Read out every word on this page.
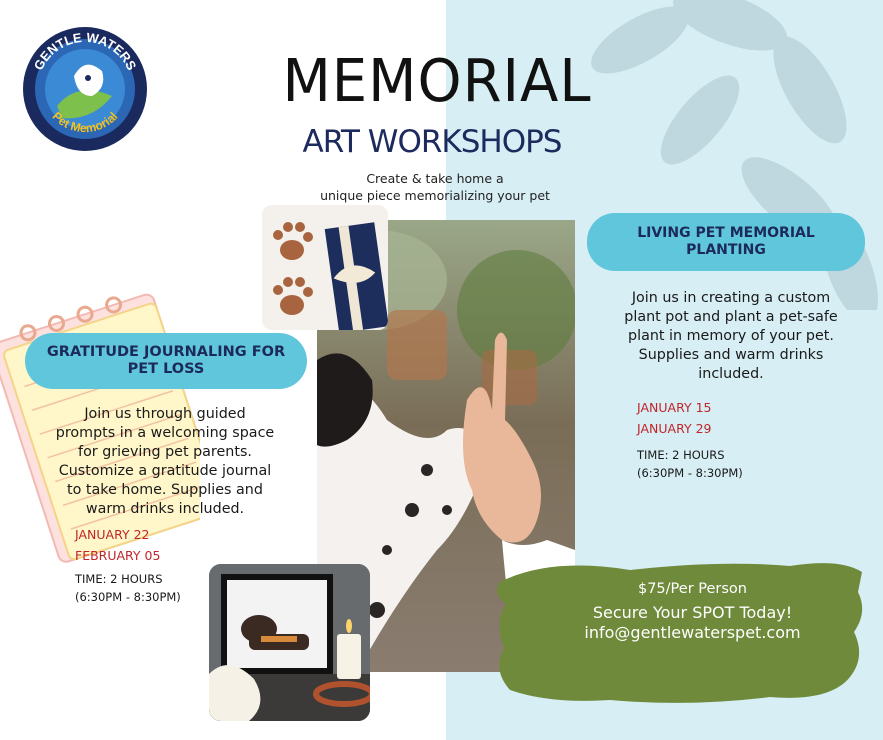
GENTLE WATERS
Pet Memorial	MEMORIAL
ART WORKSHOPS
Create & take home a
unique piece memorializing your pet
GRATITUDE JOURNALING FOR
PET LOSS
Join us through guided
prompts in a welcoming space
for grieving pet parents.
Customize a gratitude journal
to take home. Supplies and
warm drinks included.
JANUARY 22
FEBRUARY 05
TIME: 2 HOURS
(6:30PM - 8:30PM)
LIVING PET MEMORIAL
PLANTING
Join us in creating a custom
plant pot and plant a pet-safe
plant in memory of your pet.
Supplies and warm drinks
included.
JANUARY 15
JANUARY 29
TIME: 2 HOURS
(6:30PM - 8:30PM)
$75/Per Person
Secure Your SPOT Today!
info@gentlewaterspet.com
